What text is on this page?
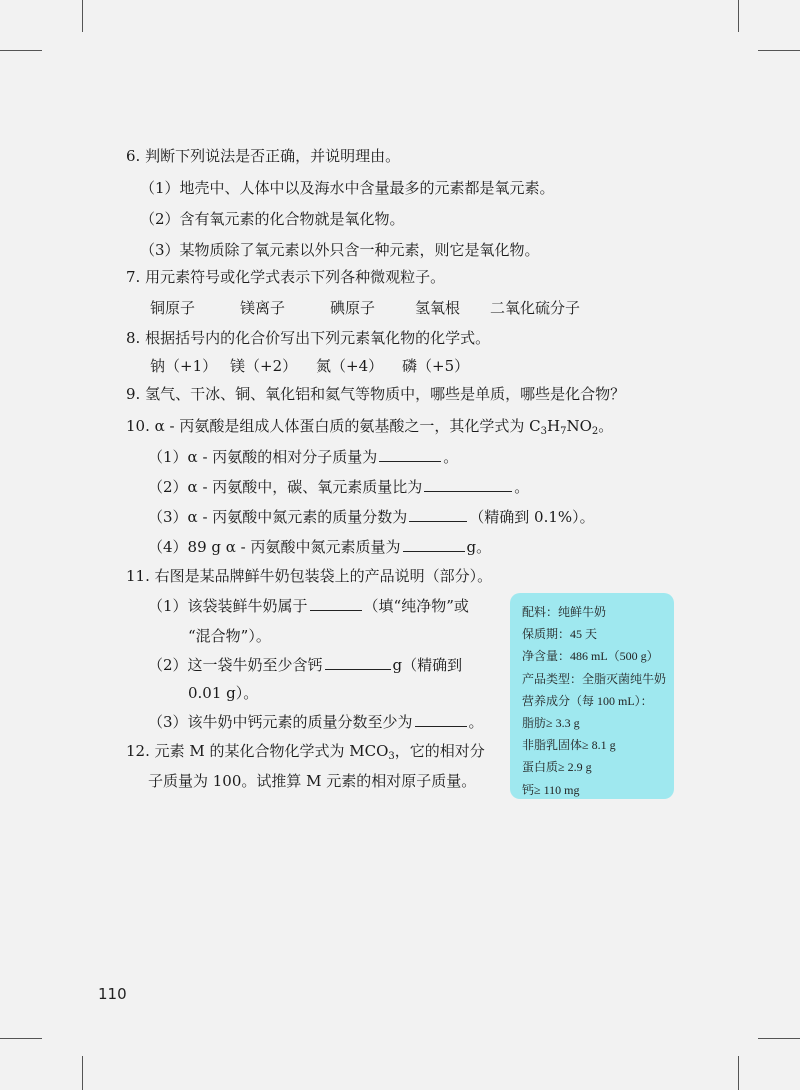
6. 判断下列说法是否正确，并说明理由。
（1）地壳中、人体中以及海水中含量最多的元素都是氧元素。
（2）含有氧元素的化合物就是氧化物。
（3）某物质除了氧元素以外只含一种元素，则它是氧化物。
7. 用元素符号或化学式表示下列各种微观粒子。
铜原子	镁离子	碘原子	氢氧根 二氧化硫分子
8. 根据括号内的化合价写出下列元素氧化物的化学式。
钠（+1） 镁（+2） 氮（+4） 磷（+5）
9. 氢气、干冰、铜、氧化铝和氦气等物质中，哪些是单质，哪些是化合物？
10. α - 丙氨酸是组成人体蛋白质的氨基酸之一，其化学式为 $C_3H_7NO_2$。
（1）α - 丙氨酸的相对分子质量为	。
（2）α - 丙氨酸中，碳、氧元素质量比为	。
（3）α - 丙氨酸中氮元素的质量分数为	（精确到 0.1%）。
（4）89 g α - 丙氨酸中氮元素质量为	g。
11. 右图是某品牌鲜牛奶包装袋上的产品说明（部分）。
（1）该袋装鲜牛奶属于	（填“纯净物”或
“混合物”）。
（2）这一袋牛奶至少含钙	g（精确到
0.01 g）。
（3）该牛奶中钙元素的质量分数至少为	。
12. 元素 M 的某化合物化学式为 $MCO_3$，它的相对分
子质量为 100。试推算 M 元素的相对原子质量。
配料：纯鲜牛奶
保质期：45 天
净含量：486 mL（500 g）
产品类型：全脂灭菌纯牛奶
营养成分（每 100 mL）：
脂肪≥ 3.3 g
非脂乳固体≥ 8.1 g
蛋白质≥ 2.9 g
钙≥ 110 mg
110
